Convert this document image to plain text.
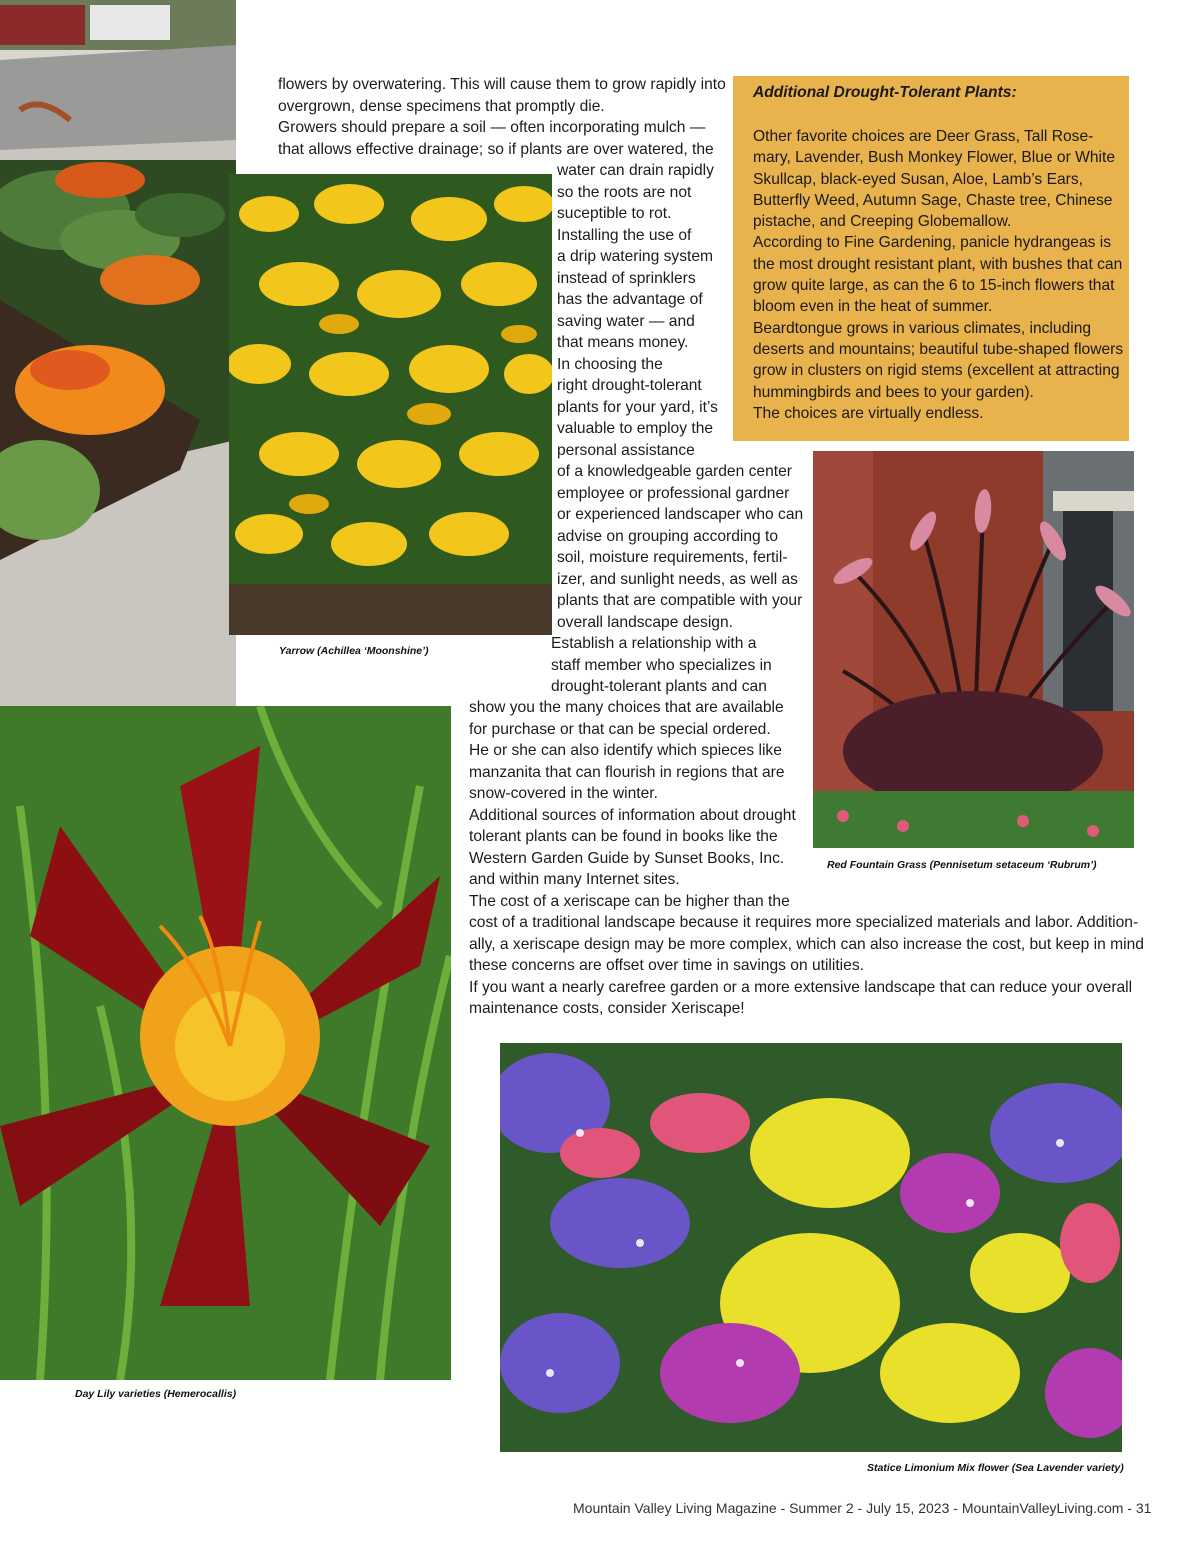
Yarrow (Achillea ‘Moonshine’)
flowers by overwatering. This will cause them to grow rapidly into
overgrown, dense specimens that promptly die.
Growers should prepare a soil — often incorporating mulch —
that allows effective drainage; so if plants are over watered, the
water can drain rapidly
so the roots are not
suceptible to rot.
Installing the use of
a drip watering system
instead of sprinklers
has the advantage of
saving water — and
that means money.
In choosing the
right drought-tolerant
plants for your yard, it’s
valuable to employ the
personal assistance
of a knowledgeable garden center
employee or professional gardner
or experienced landscaper who can
advise on grouping according to
soil, moisture requirements, fertil-
izer, and sunlight needs, as well as
plants that are compatible with your
overall landscape design.
Establish a relationship with a
staff member who specializes in
drought-tolerant plants and can
show you the many choices that are available
for purchase or that can be special ordered.
He or she can also identify which spieces like
manzanita that can flourish in regions that are
snow-covered in the winter.
Additional sources of information about drought
tolerant plants can be found in books like the
Western Garden Guide by Sunset Books, Inc.
and within many Internet sites.
The cost of a xeriscape can be higher than the
cost of a traditional landscape because it requires more specialized materials and labor. Addition-
ally, a xeriscape design may be more complex, which can also increase the cost, but keep in mind
these concerns are offset over time in savings on utilities.
If you want a nearly carefree garden or a more extensive landscape that can reduce your overall
maintenance costs, consider Xeriscape!
Additional Drought-Tolerant Plants:
Other favorite choices are Deer Grass, Tall Rose-
mary, Lavender, Bush Monkey Flower, Blue or White
Skullcap, black-eyed Susan, Aloe, Lamb’s Ears,
Butterfly Weed, Autumn Sage, Chaste tree, Chinese
pistache, and Creeping Globemallow.
According to Fine Gardening, panicle hydrangeas is
the most drought resistant plant, with bushes that can
grow quite large, as can the 6 to 15-inch flowers that
bloom even in the heat of summer.
Beardtongue grows in various climates, including
deserts and mountains; beautiful tube-shaped flowers
grow in clusters on rigid stems (excellent at attracting
hummingbirds and bees to your garden).
The choices are virtually endless.
Red Fountain Grass (Pennisetum setaceum ‘Rubrum’)
Day Lily varieties (Hemerocallis)
Statice Limonium Mix flower (Sea Lavender variety)
Mountain Valley Living Magazine - Summer 2 - July 15, 2023 - MountainValleyLiving.com - 31
